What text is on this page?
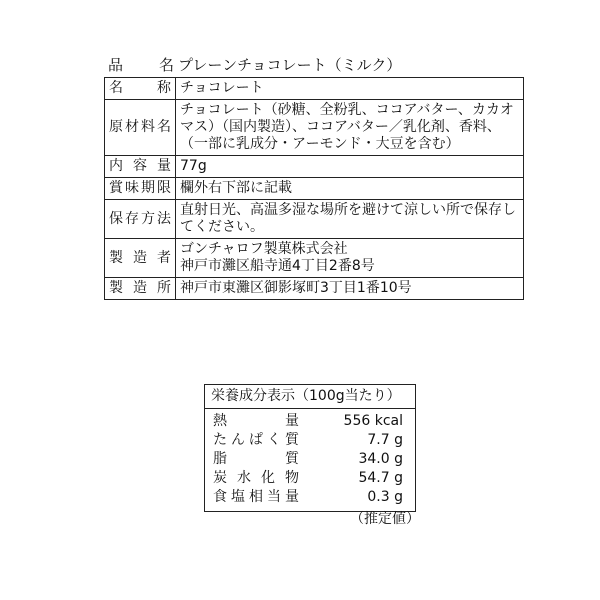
品　名 プレーンチョコレート（ミルク）
名　称	チョコレート
原材料名	チョコレート（砂糖、全粉乳、ココアバター、カカオマス）（国内製造）、ココアバター／乳化剤、香料、（一部に乳成分・アーモンド・大豆を含む）
内 容 量	77g
賞味期限	欄外右下部に記載
保存方法	直射日光、高温多湿な場所を避けて涼しい所で保存してください。
製 造 者	ゴンチャロフ製菓株式会社
神戸市灘区船寺通4丁目2番8号

製 造 所	神戸市東灘区御影塚町3丁目1番10号
栄養成分表示（100g当たり）
熱　　量	556 kcal
たんぱく質	7.7 g
脂　　質	34.0 g
炭水化物	54.7 g
食塩相当量	0.3 g
（推定値）
